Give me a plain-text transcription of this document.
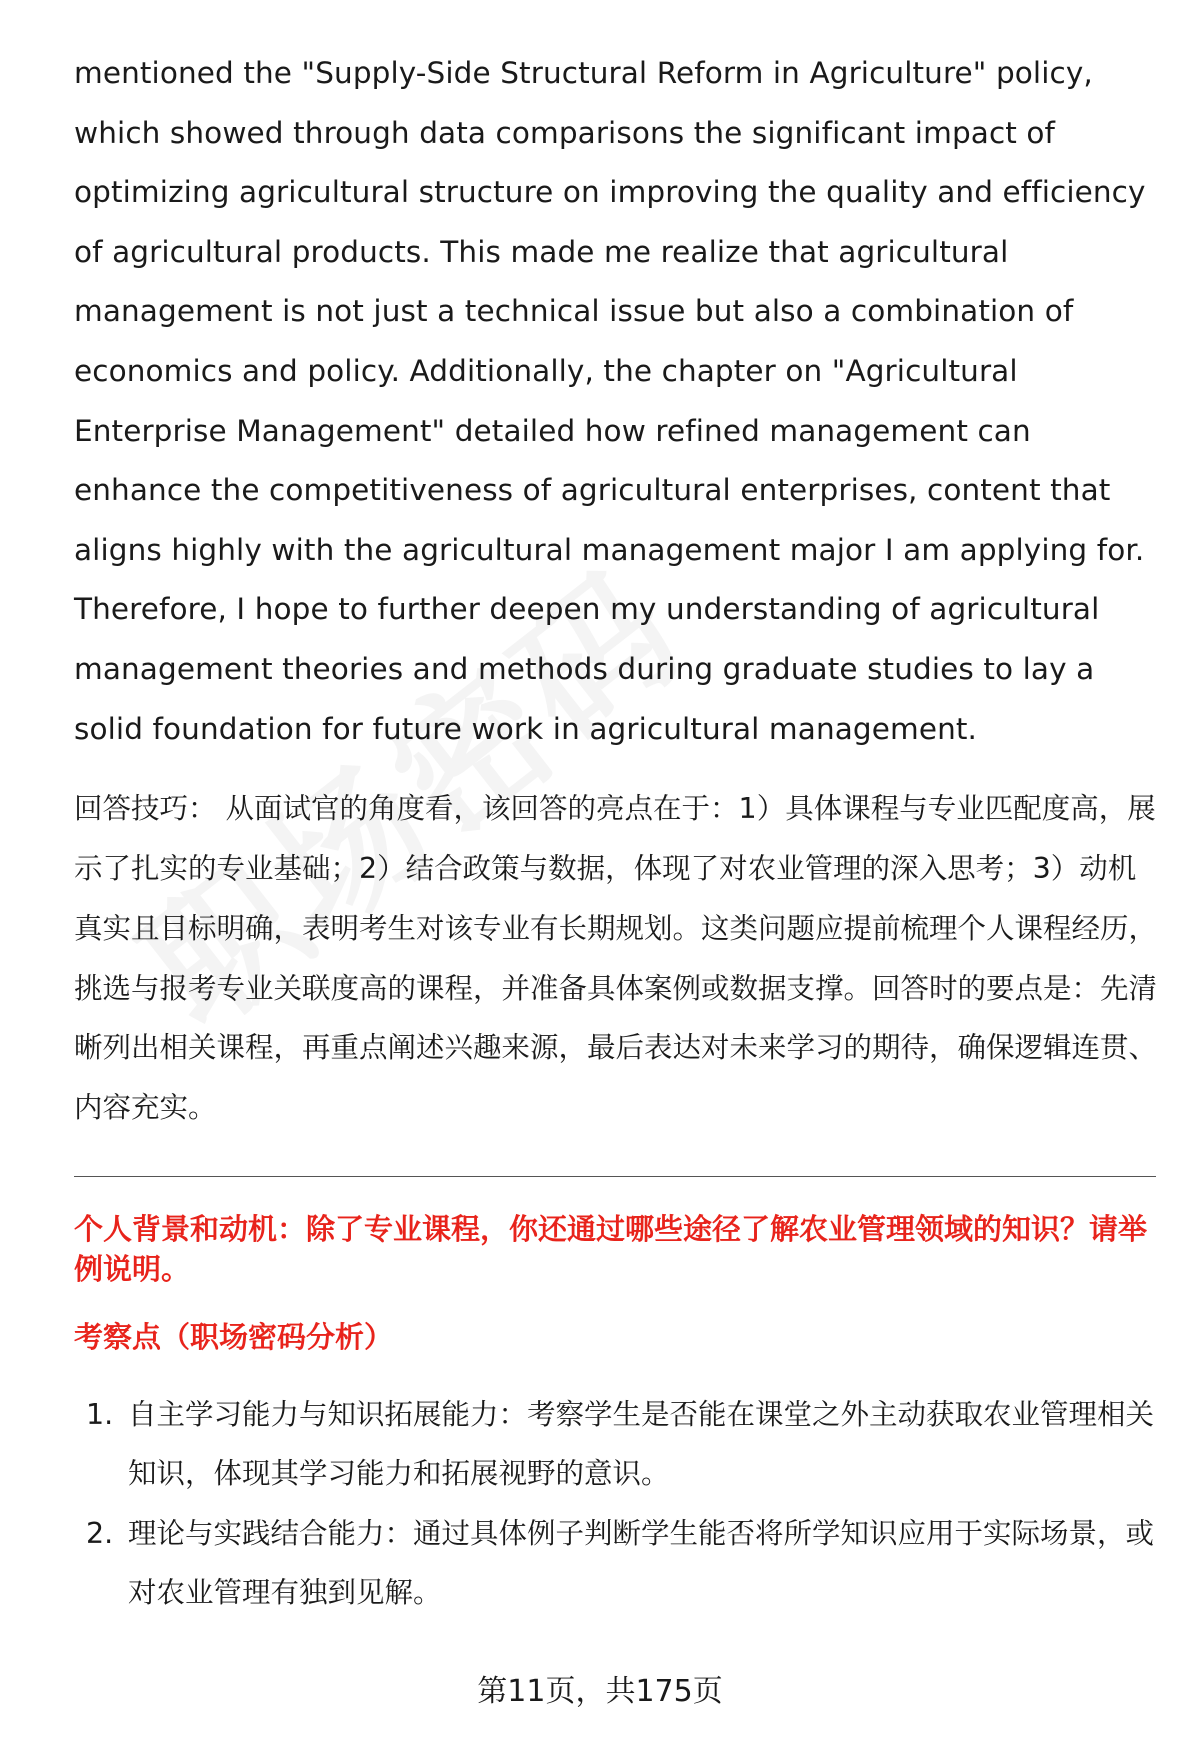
mentioned the "Supply-Side Structural Reform in Agriculture" policy, which showed through data comparisons the significant impact of optimizing agricultural structure on improving the quality and efficiency of agricultural products. This made me realize that agricultural management is not just a technical issue but also a combination of economics and policy. Additionally, the chapter on "Agricultural Enterprise Management" detailed how refined management can enhance the competitiveness of agricultural enterprises, content that aligns highly with the agricultural management major I am applying for. Therefore, I hope to further deepen my understanding of agricultural management theories and methods during graduate studies to lay a solid foundation for future work in agricultural management.

回答技巧： 从面试官的角度看，该回答的亮点在于：1）具体课程与专业匹配度高，展示了扎实的专业基础；2）结合政策与数据，体现了对农业管理的深入思考；3）动机真实且目标明确，表明考生对该专业有长期规划。这类问题应提前梳理个人课程经历，挑选与报考专业关联度高的课程，并准备具体案例或数据支撑。回答时的要点是：先清晰列出相关课程，再重点阐述兴趣来源，最后表达对未来学习的期待，确保逻辑连贯、内容充实。

个人背景和动机：除了专业课程，你还通过哪些途径了解农业管理领域的知识？请举例说明。
考察点（职场密码分析）
1. 自主学习能力与知识拓展能力：考察学生是否能在课堂之外主动获取农业管理相关知识，体现其学习能力和拓展视野的意识。
2. 理论与实践结合能力：通过具体例子判断学生能否将所学知识应用于实际场景，或对农业管理有独到见解。
第11页，共175页
